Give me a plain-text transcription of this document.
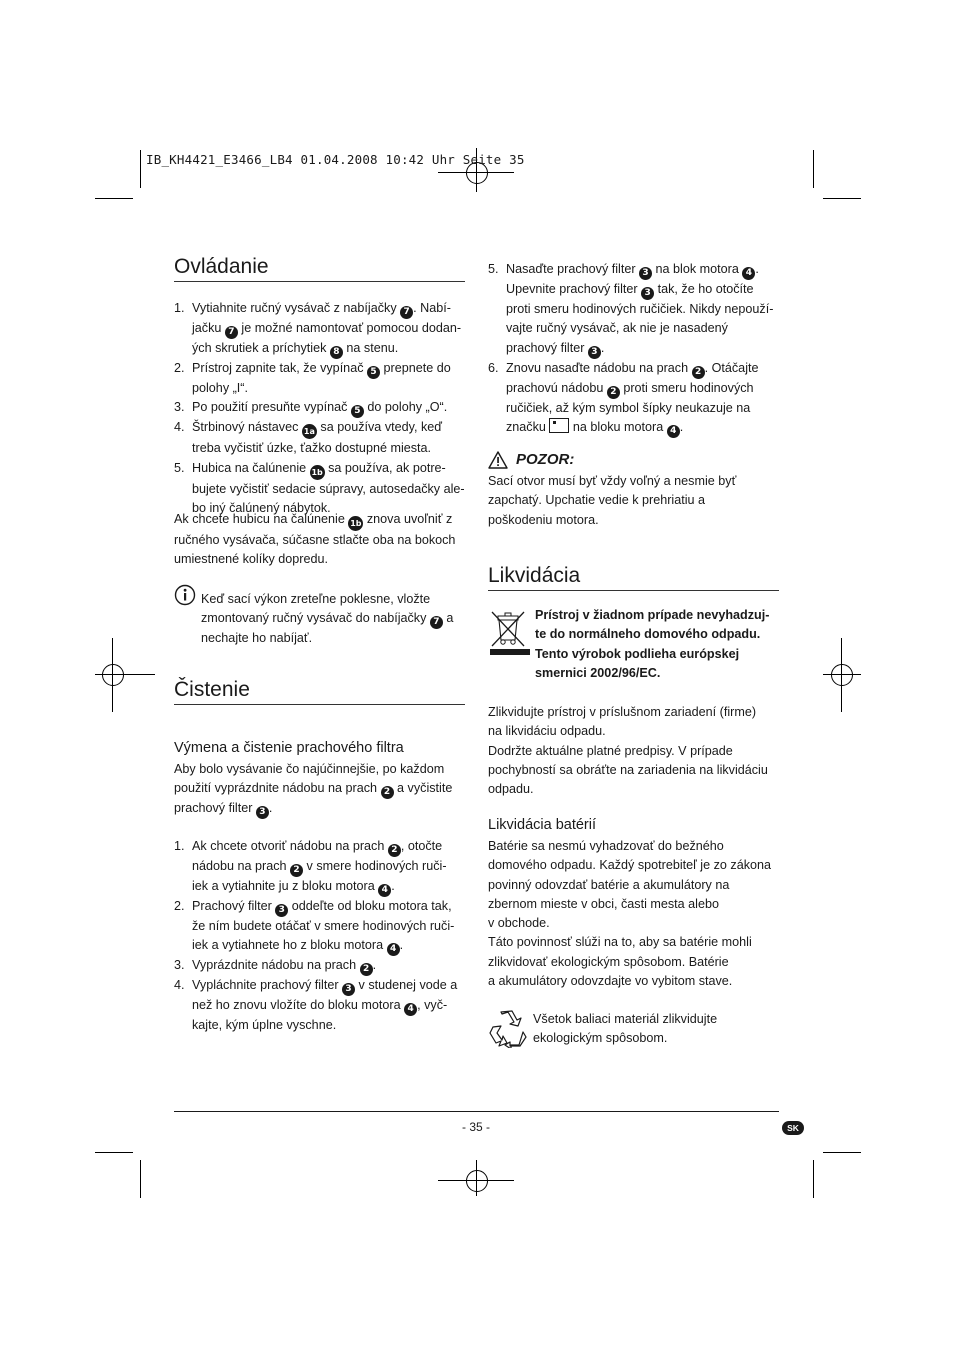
IB_KH4421_E3466_LB4 01.04.2008 10:42 Uhr Seite 35
Ovládanie
1. Vytiahnite ručný vysávač z nabíjačky 7 . Nabí-
jačku 7 je možné namontovať pomocou dodan-
ých skrutiek a príchytiek 8 na stenu.
2. Prístroj zapnite tak, že vypínač 5 prepnete do
polohy „I“.
3. Po použití presuňte vypínač 5 do polohy „O“.
4. Štrbinový nástavec 1a sa používa vtedy, keď
treba vyčistiť úzke, ťažko dostupné miesta.
5. Hubica na čalúnenie 1b sa používa, ak potre-
bujete vyčistiť sedacie súpravy, autosedačky ale-
bo iný čalúnený nábytok.

Ak chcete hubicu na čalúnenie 1b znova uvoľniť z
ručného vysávača, súčasne stlačte oba na bokoch
umiestnené kolíky dopredu.

Keď sací výkon zreteľne poklesne, vložte
zmontovaný ručný vysávač do nabíjačky 7 a
nechajte ho nabíjať.

Čistenie
Výmena a čistenie prachového filtra

Aby bolo vysávanie čo najúčinnejšie, po každom
použití vyprázdnite nádobu na prach 2 a vyčistite
prachový filter 3 .

1. Ak chcete otvoriť nádobu na prach 2 , otočte
nádobu na prach 2 v smere hodinových ruči-
iek a vytiahnite ju z bloku motora 4 .
2. Prachový filter 3 oddeľte od bloku motora tak,
že ním budete otáčať v smere hodinových ruči-
iek a vytiahnete ho z bloku motora 4 .
3. Vyprázdnite nádobu na prach 2 .
4. Vypláchnite prachový filter 3 v studenej vode a
než ho znovu vložíte do bloku motora 4 , vyč-
kajte, kým úplne vyschne.
5. Nasaďte prachový filter 3 na blok motora 4 .
Upevnite prachový filter 3 tak, že ho otočíte
proti smeru hodinových ručičiek. Nikdy nepouží-
vajte ručný vysávač, ak nie je nasadený
prachový filter 3 .
6. Znovu nasaďte nádobu na prach 2 . Otáčajte
prachovú nádobu 2 proti smeru hodinových
ručičiek, až kým symbol šípky neukazuje na
značku
na bloku motora 4 .
POZOR:

Sací otvor musí byť vždy voľný a nesmie byť
zapchatý. Upchatie vedie k prehriatiu a
poškodeniu motora.

Likvidácia

Prístroj v žiadnom prípade nevyhadzuj-
te do normálneho domového odpadu.
Tento výrobok podlieha európskej
smernici 2002/96/EC.

Zlikvidujte prístroj v príslušnom zariadení (firme)
na likvidáciu odpadu.
Dodržte aktuálne platné predpisy. V prípade
pochybností sa obráťte na zariadenia na likvidáciu
odpadu.

Likvidácia batérií

Batérie sa nesmú vyhadzovať do bežného
domového odpadu. Každý spotrebiteľ je zo zákona
povinný odovzdať batérie a akumulátory na
zbernom mieste v obci, časti mesta alebo
v obchode.
Táto povinnosť slúži na to, aby sa batérie mohli
zlikvidovať ekologickým spôsobom. Batérie
a akumulátory odovzdajte vo vybitom stave.

Všetok baliaci materiál zlikvidujte
ekologickým spôsobom.

- 35 -	SK
